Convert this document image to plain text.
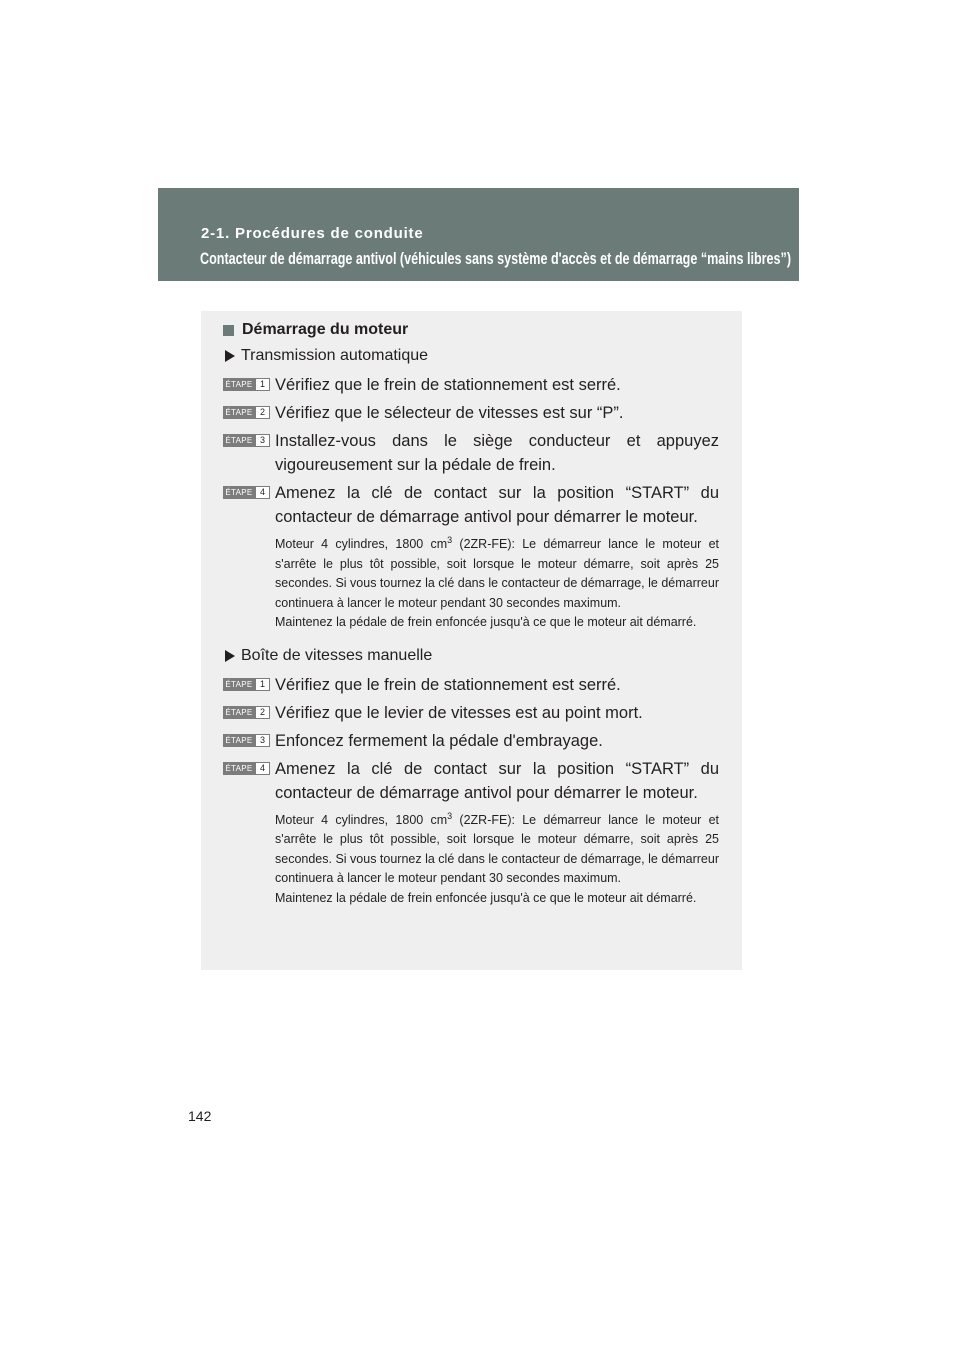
2-1. Procédures de conduite
Contacteur de démarrage antivol (véhicules sans système d'accès et de démarrage “mains libres”)
Démarrage du moteur
Transmission automatique
ÉTAPE 1 Vérifiez que le frein de stationnement est serré.
ÉTAPE 2 Vérifiez que le sélecteur de vitesses est sur “P”.
ÉTAPE 3 Installez-vous dans le siège conducteur et appuyez vigoureusement sur la pédale de frein.
ÉTAPE 4 Amenez la clé de contact sur la position “START” du contacteur de démarrage antivol pour démarrer le moteur.
Moteur 4 cylindres, 1800 $cm^3$ (2ZR-FE): Le démarreur lance le moteur et s'arrête le plus tôt possible, soit lorsque le moteur démarre, soit après 25 secondes. Si vous tournez la clé dans le contacteur de démarrage, le démarreur continuera à lancer le moteur pendant 30 secondes maximum.
Maintenez la pédale de frein enfoncée jusqu'à ce que le moteur ait démarré.
Boîte de vitesses manuelle
ÉTAPE 1 Vérifiez que le frein de stationnement est serré.
ÉTAPE 2 Vérifiez que le levier de vitesses est au point mort.
ÉTAPE 3 Enfoncez fermement la pédale d'embrayage.
ÉTAPE 4 Amenez la clé de contact sur la position “START” du contacteur de démarrage antivol pour démarrer le moteur.
Moteur 4 cylindres, 1800 $cm^3$ (2ZR-FE): Le démarreur lance le moteur et s'arrête le plus tôt possible, soit lorsque le moteur démarre, soit après 25 secondes. Si vous tournez la clé dans le contacteur de démarrage, le démarreur continuera à lancer le moteur pendant 30 secondes maximum.
Maintenez la pédale de frein enfoncée jusqu'à ce que le moteur ait démarré.
142
